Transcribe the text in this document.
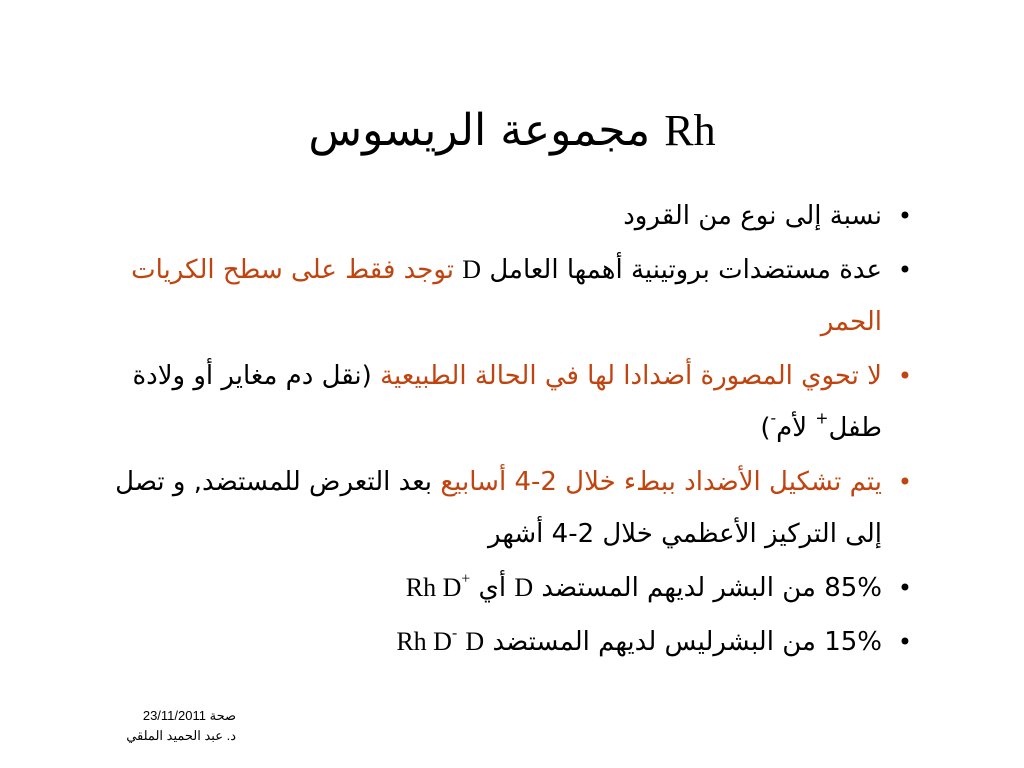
مجموعة الريسوس Rh
•
نسبة إلى نوع من القرود
•
عدة مستضدات بروتينية أهمها العامل D توجد فقط على سطح الكريات الحمر
•
لا تحوي المصورة أضدادا لها في الحالة الطبيعية (نقل دم مغاير أو ولادة طفل+ لأم-)
•
يتم تشكيل الأضداد ببطء خلال 2-4 أسابيع بعد التعرض للمستضد, و تصل إلى التركيز الأعظمي خلال 2-4 أشهر
•
85% من البشر لديهم المستضد D أي Rh D+
•
15% من البشرليس لديهم المستضد D Rh D-
صحة 23/11/2011
د. عبد الحميد الملقي
